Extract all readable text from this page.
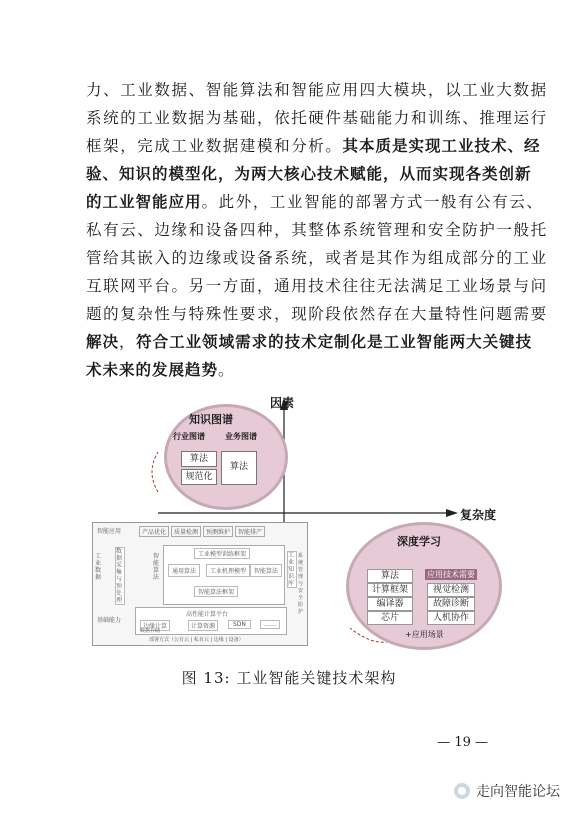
力、工业数据、智能算法和智能应用四大模块，以工业大数据
系统的工业数据为基础，依托硬件基础能力和训练、推理运行
框架，完成工业数据建模和分析。其本质是实现工业技术、经
验、知识的模型化，为两大核心技术赋能，从而实现各类创新
的工业智能应用。此外，工业智能的部署方式一般有公有云、
私有云、边缘和设备四种，其整体系统管理和安全防护一般托
管给其嵌入的边缘或设备系统，或者是其作为组成部分的工业
互联网平台。另一方面，通用技术往往无法满足工业场景与问
题的复杂性与特殊性要求，现阶段依然存在大量特性问题需要
解决，符合工业领域需求的技术定制化是工业智能两大关键技
术未来的发展趋势。
因素
复杂度
知识图谱
行业图谱	业务图谱
算法
规范化
算法
智能应用	产品优化	质量检测	预测维护	智能排产
工业数据
智能算法
基础能力
数据采集与预处理
工业模型训练框架
通用算法	工业机理模型	智能算法
智能算法框架
工业知识库
高性能计算平台
边缘计算
数据存储
计算资源	SDN	……
部署方式（公有云 | 私有云 | 边缘 | 设备）
系统管理与安全防护
深度学习
算法
计算框架
编译器
芯片
应用技术需要
视觉检测
故障诊断
人机协作
+应用场景
图 13: 工业智能关键技术架构
— 19 —
走向智能论坛
